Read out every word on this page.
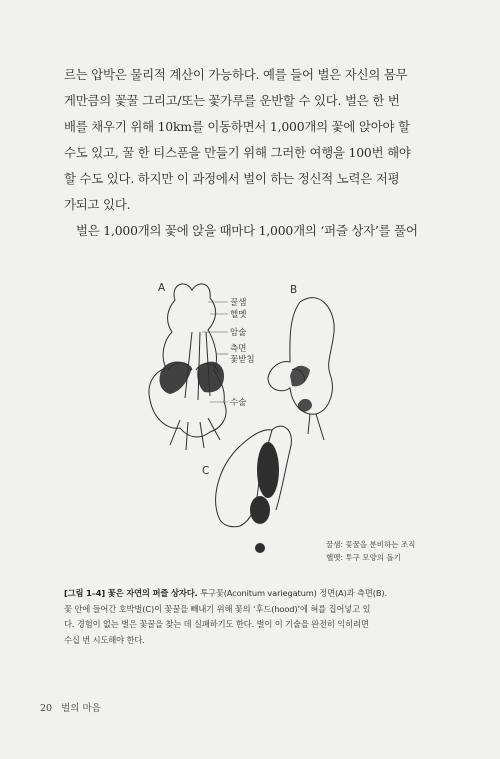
르는 압박은 물리적 계산이 가능하다. 예를 들어 벌은 자신의 몸무
게만큼의 꽃꿀 그리고/또는 꽃가루를 운반할 수 있다. 벌은 한 번
배를 채우기 위해 10km를 이동하면서 1,000개의 꽃에 앉아야 할
수도 있고, 꿀 한 티스푼을 만들기 위해 그러한 여행을 100번 해야
할 수도 있다. 하지만 이 과정에서 벌이 하는 정신적 노력은 저평
가되고 있다.

벌은 1,000개의 꽃에 앉을 때마다 1,000개의 ‘퍼즐 상자’를 풀어

A	B
C
꿀샘
헬멧
암술
측면
꽃받침
수술
꿀샘: 꽃꿀을 분비하는 조직
헬멧: 투구 모양의 돌기
[그림 1–4] 꽃은 자연의 퍼즐 상자다. 투구꽃(Aconitum variegatum) 정면(A)과 측면(B).
꽃 안에 들어간 호박벌(C)이 꽃꿀을 빼내기 위해 꽃의 ‘후드(hood)’에 혀를 집어넣고 있
다. 경험이 없는 벌은 꽃꿀을 찾는 데 실패하기도 한다. 벌이 이 기술을 완전히 익히려면
수십 번 시도해야 한다.
20 벌의 마음
